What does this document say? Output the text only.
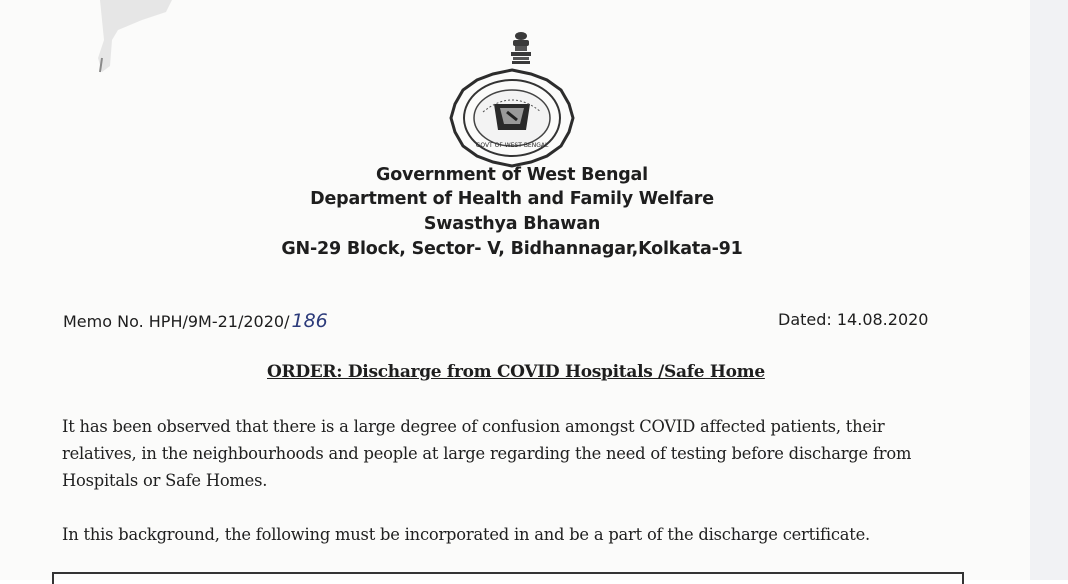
GOVT OF WEST BENGAL
Government of West Bengal
Department of Health and Family Welfare
Swasthya Bhawan
GN-29 Block, Sector- V, Bidhannagar,Kolkata-91
Memo No. HPH/9M-21/2020/ 186	Dated: 14.08.2020
ORDER: Discharge from COVID Hospitals /Safe Home
It has been observed that there is a large degree of confusion amongst COVID affected patients, their relatives, in the neighbourhoods and people at large regarding the need of testing before discharge from Hospitals or Safe Homes.
In this background, the following must be incorporated in and be a part of the discharge certificate.
